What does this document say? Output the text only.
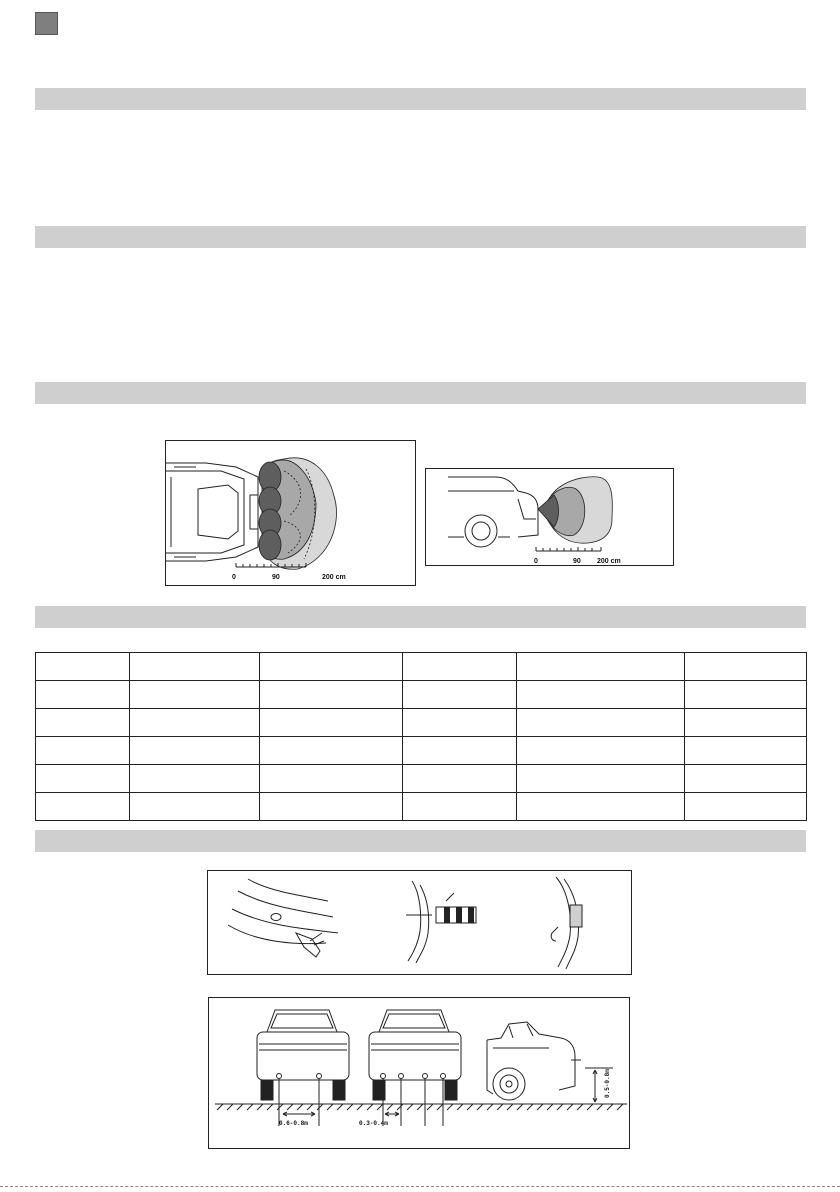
0	90	200 cm
0	90 200 cm

0.6-0.8m	0.3-0.4m
0.5-0.8m
